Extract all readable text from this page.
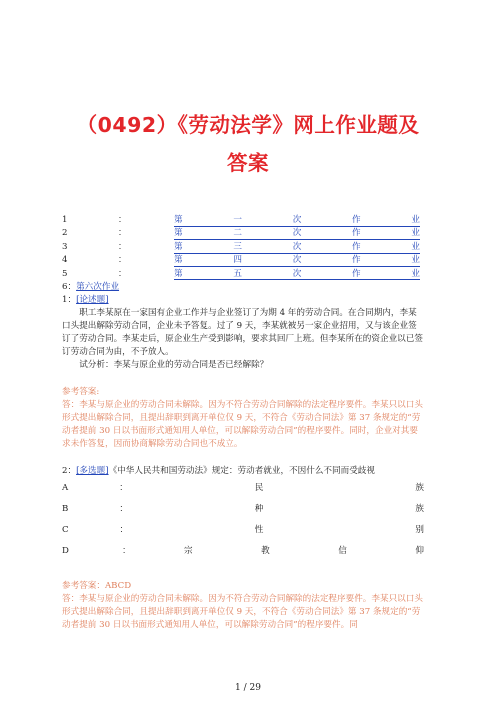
（0492）《劳动法学》网上作业题及
答案
1	：	第	一	次	作	业
2	：	第	二	次	作	业
3	：	第	三	次	作	业
4	：	第	四	次	作	业
5	：	第	五	次	作	业
6： 第六次作业

1：[论述题]

职工李某原在一家国有企业工作并与企业签订了为期 4 年的劳动合同。在合同期内，李某口头提出解除劳动合同，企业未予答复。过了 9 天，李某就被另一家企业招用，又与该企业签订了劳动合同。李某走后，原企业生产受到影响，要求其回厂上班。但李某所在的资企业以已签订劳动合同为由，不予放人。

试分析：李某与原企业的劳动合同是否已经解除？

参考答案:

答：李某与原企业的劳动合同未解除。因为不符合劳动合同解除的法定程序要件。李某只以口头形式提出解除合同，且提出辞职到离开单位仅 9 天，不符合《劳动合同法》第 37 条规定的“劳动者提前 30 日以书面形式通知用人单位，可以解除劳动合同”的程序要件。同时，企业对其要求未作答复，因而协商解除劳动合同也不成立。

2：[多选题]《中华人民共和国劳动法》规定：劳动者就业，不因什么不同而受歧视

A	：	民	族
B	：	种	族
C	：	性	别
D	：	宗	教	信	仰

参考答案：ABCD

答：李某与原企业的劳动合同未解除。因为不符合劳动合同解除的法定程序要件。李某只以口头形式提出解除合同，且提出辞职到离开单位仅 9 天，不符合《劳动合同法》第 37 条规定的“劳动者提前 30 日以书面形式通知用人单位，可以解除劳动合同”的程序要件。同

1 / 29
